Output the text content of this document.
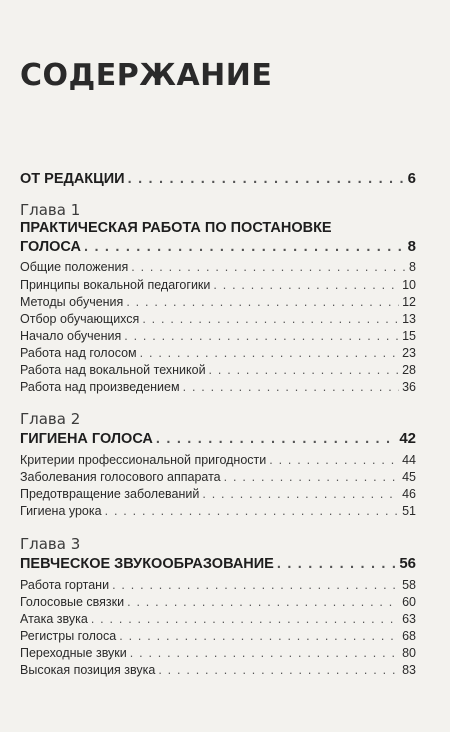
СОДЕРЖАНИЕ
ОТ РЕДАКЦИИ . . .	6
Глава 1
ПРАКТИЧЕСКАЯ РАБОТА ПО ПОСТАНОВКЕ
ГОЛОСА . . .	8
Общие положения . . .	8
Принципы вокальной педагогики . . .	10
Методы обучения . . .	12
Отбор обучающихся . . .	13
Начало обучения . . .	15
Работа над голосом . . .	23
Работа над вокальной техникой . . .	28
Работа над произведением . . .	36
Глава 2
ГИГИЕНА ГОЛОСА . . .	42
Критерии профессиональной пригодности . . .	44
Заболевания голосового аппарата . . .	45
Предотвращение заболеваний . . .	46
Гигиена урока . . .	51
Глава 3
ПЕВЧЕСКОЕ ЗВУКООБРАЗОВАНИЕ . . .	56
Работа гортани . . .	58
Голосовые связки . . .	60
Атака звука . . .	63
Регистры голоса . . .	68
Переходные звуки . . .	80
Высокая позиция звука . . .	83
